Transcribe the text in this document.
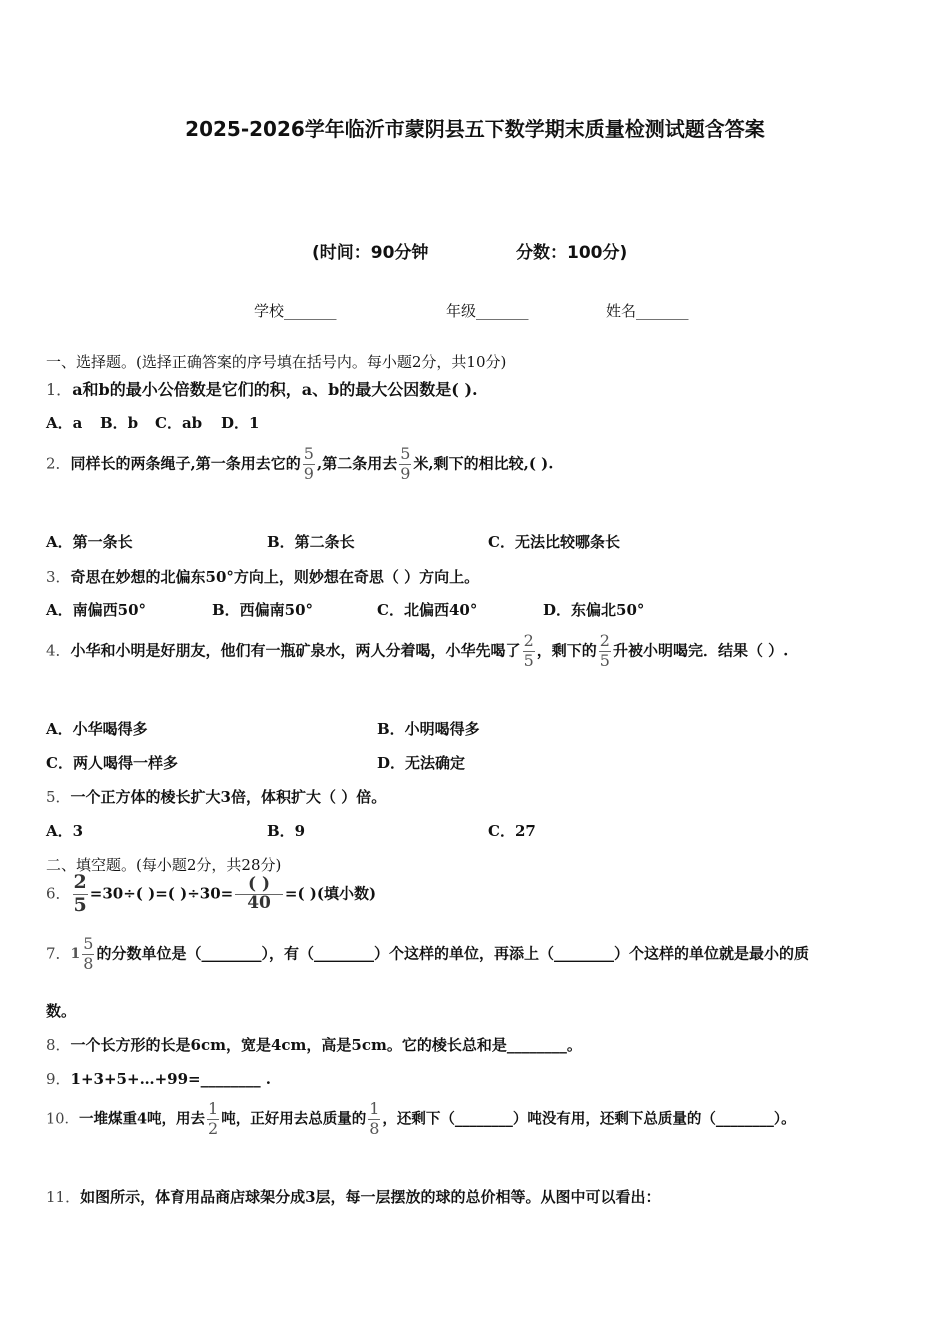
2025-2026学年临沂市蒙阴县五下数学期末质量检测试题含答案
(时间：90分钟	分数：100分)
学校_______	年级_______	姓名_______
一、选择题。(选择正确答案的序号填在括号内。每小题2分，共10分)
1．a和b的最小公倍数是它们的积，a、b的最大公因数是( ).
A．a B．b C．ab D．1
2．同样长的两条绳子,第一条用去它的 $\frac{5}{9}$ ,第二条用去 $\frac{5}{9}$ 米,剩下的相比较,( ).
A．第一条长	B．第二条长	C．无法比较哪条长
3．奇思在妙想的北偏东50°方向上，则妙想在奇思（ ）方向上。
A．南偏西50°	B．西偏南50°	C．北偏西40°	D．东偏北50°
4．小华和小明是好朋友，他们有一瓶矿泉水，两人分着喝，小华先喝了 $\frac{2}{5}$ ，剩下的 $\frac{2}{5}$ 升被小明喝完．结果（ ）.
A．小华喝得多	B．小明喝得多
C．两人喝得一样多	D．无法确定
5．一个正方体的棱长扩大3倍，体积扩大（ ）倍。
A．3	B．9	C．27
二、填空题。(每小题2分，共28分)
6． $\frac{2}{5} =30\div$( )=( )$\div 30= \frac{( )}{40}$ =( )(填小数)
7．$1 \frac{5}{8}$ 的分数单位是（________），有（________）个这样的单位，再添上（________）个这样的单位就是最小的质
数。
8．一个长方形的长是6cm，宽是4cm，高是5cm。它的棱长总和是________。
9．1+3+5+…+99=________ .
10．一堆煤重4吨，用去 $\frac{1}{2}$ 吨，正好用去总质量的 $\frac{1}{8}$ ，还剩下（________）吨没有用，还剩下总质量的（________）。
11．如图所示，体育用品商店球架分成3层，每一层摆放的球的总价相等。从图中可以看出：
